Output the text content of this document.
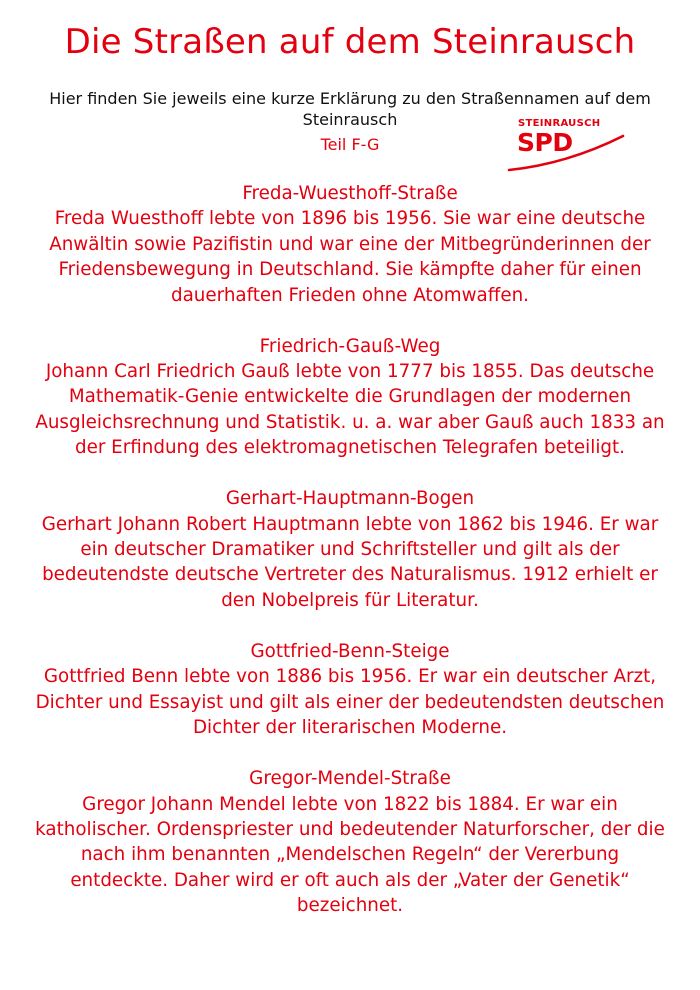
Die Straßen auf dem Steinrausch
Hier finden Sie jeweils eine kurze Erklärung zu den Straßennamen auf dem Steinrausch
Teil F-G
STEINRAUSCH
SPD
Freda-Wuesthoff-Straße
Freda Wuesthoff lebte von 1896 bis 1956. Sie war eine deutsche Anwältin sowie Pazifistin und war eine der Mitbegründerinnen der Friedensbewegung in Deutschland. Sie kämpfte daher für einen dauerhaften Frieden ohne Atomwaffen.
Friedrich-Gauß-Weg
Johann Carl Friedrich Gauß lebte von 1777 bis 1855. Das deutsche Mathematik-Genie entwickelte die Grundlagen der modernen Ausgleichsrechnung und Statistik. u. a. war aber Gauß auch 1833 an der Erfindung des elektromagnetischen Telegrafen beteiligt.
Gerhart-Hauptmann-Bogen
Gerhart Johann Robert Hauptmann lebte von 1862 bis 1946. Er war ein deutscher Dramatiker und Schriftsteller und gilt als der bedeutendste deutsche Vertreter des Naturalismus. 1912 erhielt er den Nobelpreis für Literatur.
Gottfried-Benn-Steige
Gottfried Benn lebte von 1886 bis 1956. Er war ein deutscher Arzt, Dichter und Essayist und gilt als einer der bedeutendsten deutschen Dichter der literarischen Moderne.
Gregor-Mendel-Straße
Gregor Johann Mendel lebte von 1822 bis 1884. Er war ein katholischer. Ordenspriester und bedeutender Naturforscher, der die nach ihm benannten „Mendelschen Regeln“ der Vererbung entdeckte. Daher wird er oft auch als der „Vater der Genetik“ bezeichnet.
